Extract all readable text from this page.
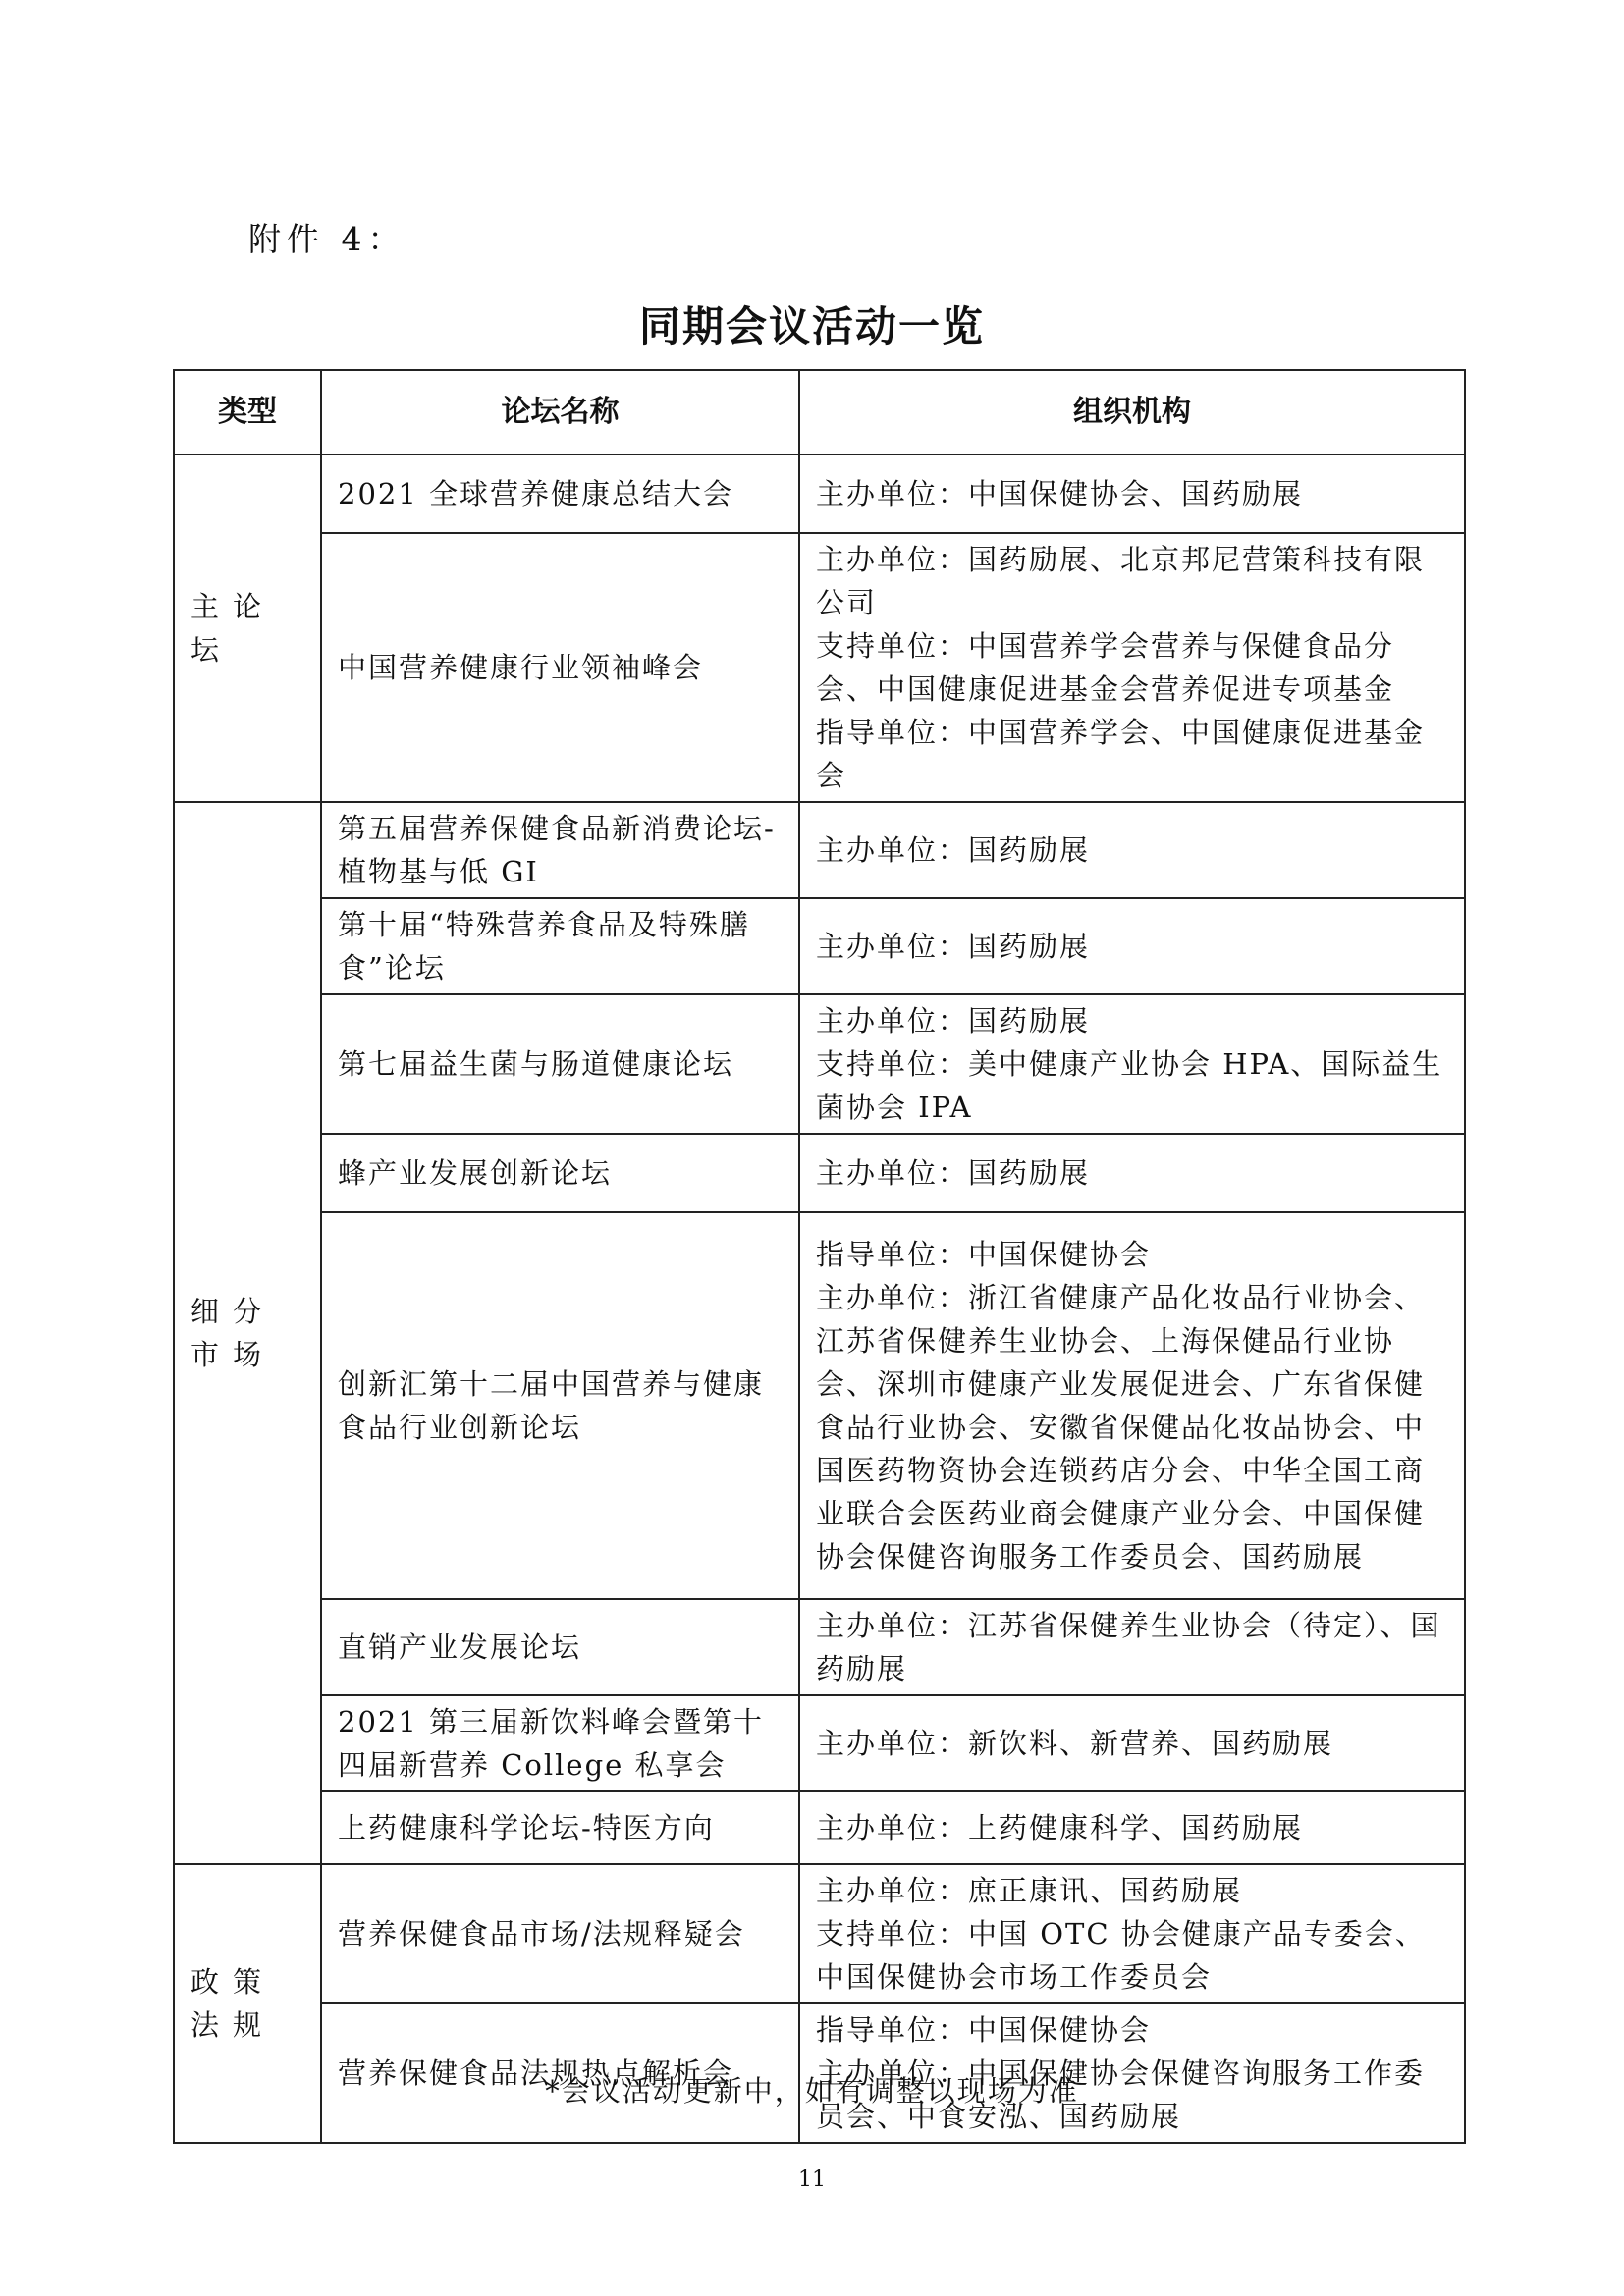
附件 4：
同期会议活动一览
类型	论坛名称	组织机构
主论坛	2021 全球营养健康总结大会	主办单位：中国保健协会、国药励展

	中国营养健康行业领袖峰会	主办单位：国药励展、北京邦尼营策科技有限公司
支持单位：中国营养学会营养与保健食品分会、中国健康促进基金会营养促进专项基金
指导单位：中国营养学会、中国健康促进基金会

细分市场	第五届营养保健食品新消费论坛-植物基与低 GI	主办单位：国药励展

	第十届“特殊营养食品及特殊膳食”论坛	主办单位：国药励展

	第七届益生菌与肠道健康论坛	主办单位：国药励展
支持单位：美中健康产业协会 HPA、国际益生菌协会 IPA

	蜂产业发展创新论坛	主办单位：国药励展

	创新汇第十二届中国营养与健康食品行业创新论坛	指导单位：中国保健协会
主办单位：浙江省健康产品化妆品行业协会、江苏省保健养生业协会、上海保健品行业协会、深圳市健康产业发展促进会、广东省保健食品行业协会、安徽省保健品化妆品协会、中国医药物资协会连锁药店分会、中华全国工商业联合会医药业商会健康产业分会、中国保健协会保健咨询服务工作委员会、国药励展

	直销产业发展论坛	主办单位：江苏省保健养生业协会（待定）、国药励展

	2021 第三届新饮料峰会暨第十四届新营养 College 私享会	主办单位：新饮料、新营养、国药励展

	上药健康科学论坛-特医方向	主办单位：上药健康科学、国药励展

政策法规	营养保健食品市场/法规释疑会	主办单位：庶正康讯、国药励展
支持单位：中国 OTC 协会健康产品专委会、中国保健协会市场工作委员会

	营养保健食品法规热点解析会	指导单位：中国保健协会
主办单位：中国保健协会保健咨询服务工作委员会、中食安泓、国药励展
*会议活动更新中，如有调整以现场为准
11
